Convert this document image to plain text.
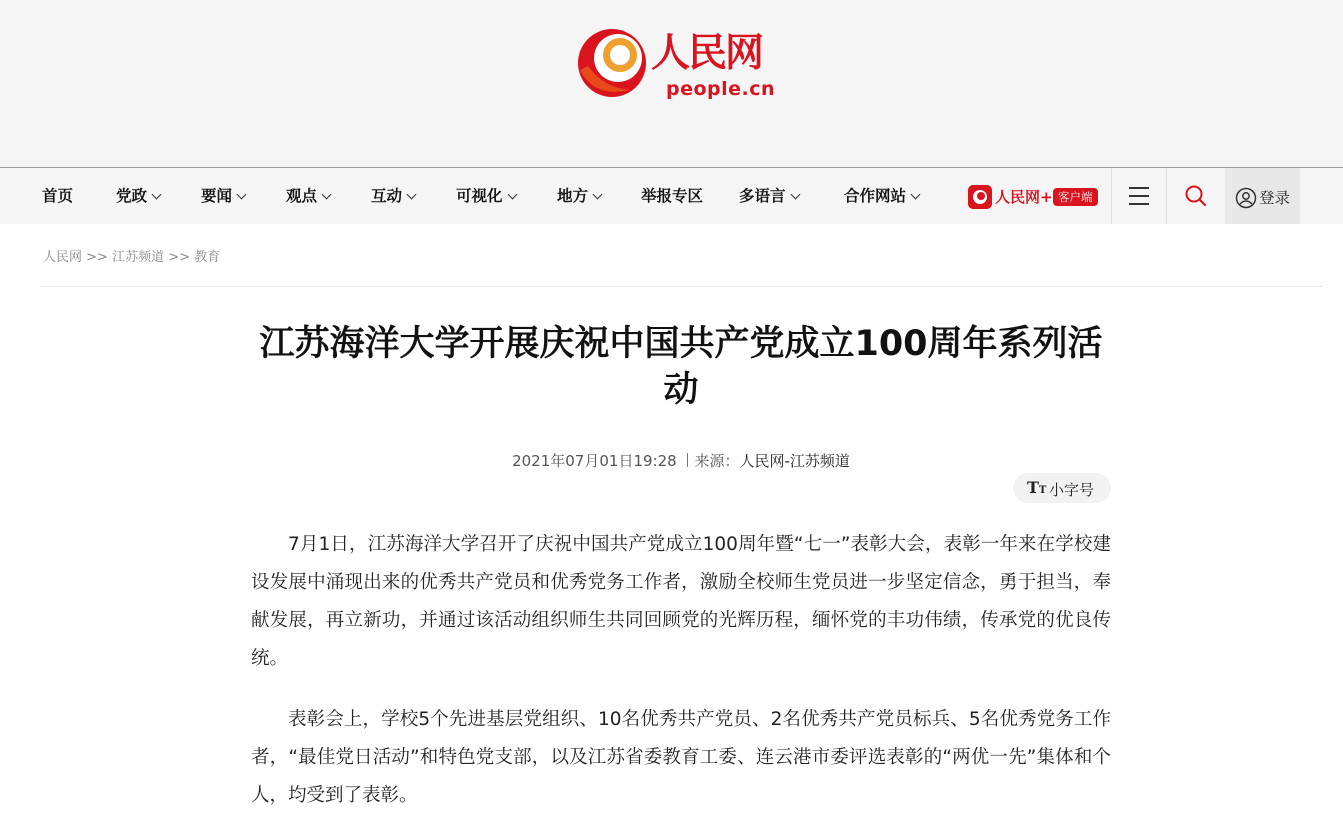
人民网
people.cn
首页	党政	要闻	观点	互动	可视化	地方	举报专区 多语言	合作网站	人民网+ 客户端	登录
人民网 >> 江苏频道 >> 教育
江苏海洋大学开展庆祝中国共产党成立100周年系列活动
2021年07月01日19:28 来源：人民网-江苏频道
TT 小字号

7月1日，江苏海洋大学召开了庆祝中国共产党成立100周年暨“七一”表彰大会，表彰一年来在学校建设发展中涌现出来的优秀共产党员和优秀党务工作者，激励全校师生党员进一步坚定信念，勇于担当，奉献发展，再立新功，并通过该活动组织师生共同回顾党的光辉历程，缅怀党的丰功伟绩，传承党的优良传统。

表彰会上，学校5个先进基层党组织、10名优秀共产党员、2名优秀共产党员标兵、5名优秀党务工作者，“最佳党日活动”和特色党支部，以及江苏省委教育工委、连云港市委评选表彰的“两优一先”集体和个人，均受到了表彰。
